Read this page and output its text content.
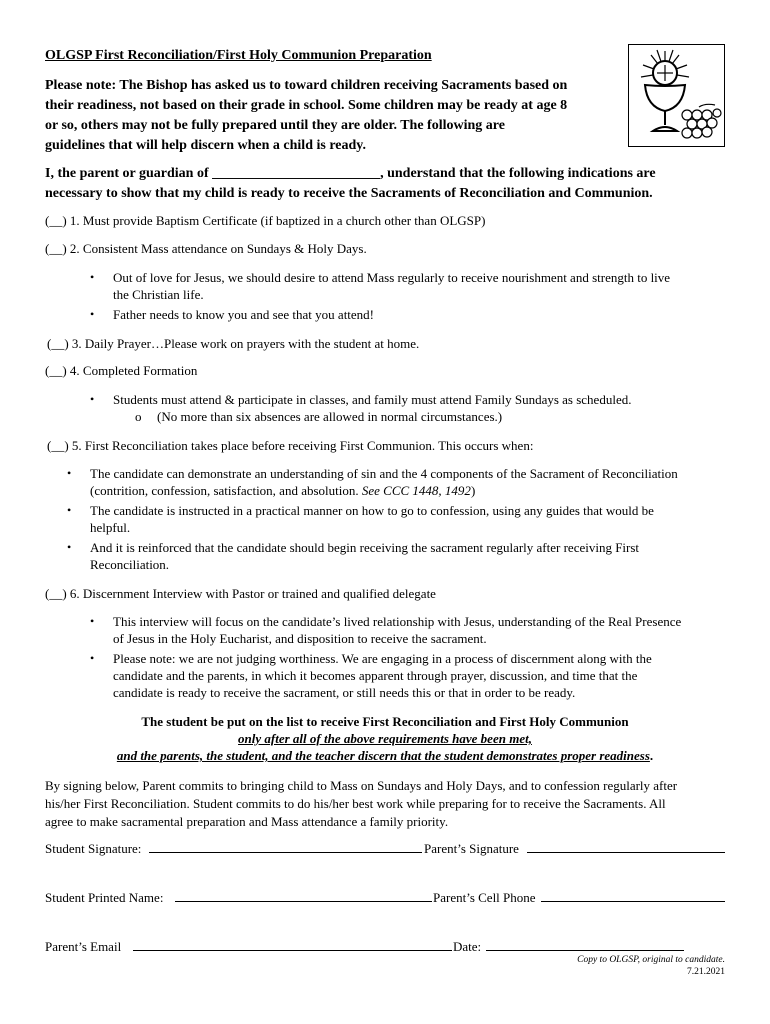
OLGSP First Reconciliation/First Holy Communion Preparation
Please note: The Bishop has asked us to toward children receiving Sacraments based on
their readiness, not based on their grade in school. Some children may be ready at age 8
or so, others may not be fully prepared until they are older. The following are
guidelines that will help discern when a child is ready.
I, the parent or guardian of ________________________, understand that the following indications are
necessary to show that my child is ready to receive the Sacraments of Reconciliation and Communion.
(__) 1. Must provide Baptism Certificate (if baptized in a church other than OLGSP)
(__) 2. Consistent Mass attendance on Sundays & Holy Days.
• Out of love for Jesus, we should desire to attend Mass regularly to receive nourishment and strength to live
the Christian life.
• Father needs to know you and see that you attend!
(__) 3. Daily Prayer…Please work on prayers with the student at home.
(__) 4. Completed Formation
• Students must attend & participate in classes, and family must attend Family Sundays as scheduled.
o (No more than six absences are allowed in normal circumstances.)
(__) 5. First Reconciliation takes place before receiving First Communion. This occurs when:
• The candidate can demonstrate an understanding of sin and the 4 components of the Sacrament of Reconciliation
(contrition, confession, satisfaction, and absolution. See CCC 1448, 1492)
• The candidate is instructed in a practical manner on how to go to confession, using any guides that would be
helpful.
• And it is reinforced that the candidate should begin receiving the sacrament regularly after receiving First
Reconciliation.
(__) 6. Discernment Interview with Pastor or trained and qualified delegate
• This interview will focus on the candidate’s lived relationship with Jesus, understanding of the Real Presence
of Jesus in the Holy Eucharist, and disposition to receive the sacrament.
• Please note: we are not judging worthiness. We are engaging in a process of discernment along with the
candidate and the parents, in which it becomes apparent through prayer, discussion, and time that the
candidate is ready to receive the sacrament, or still needs this or that in order to be ready.
The student be put on the list to receive First Reconciliation and First Holy Communion
only after all of the above requirements have been met,
and the parents, the student, and the teacher discern that the student demonstrates proper readiness.
By signing below, Parent commits to bringing child to Mass on Sundays and Holy Days, and to confession regularly after
his/her First Reconciliation. Student commits to do his/her best work while preparing for to receive the Sacraments. All
agree to make sacramental preparation and Mass attendance a family priority.
Student Signature:	Parent’s Signature
Student Printed Name:	Parent’s Cell Phone
Parent’s Email	Date:
Copy to OLGSP, original to candidate.
7.21.2021
